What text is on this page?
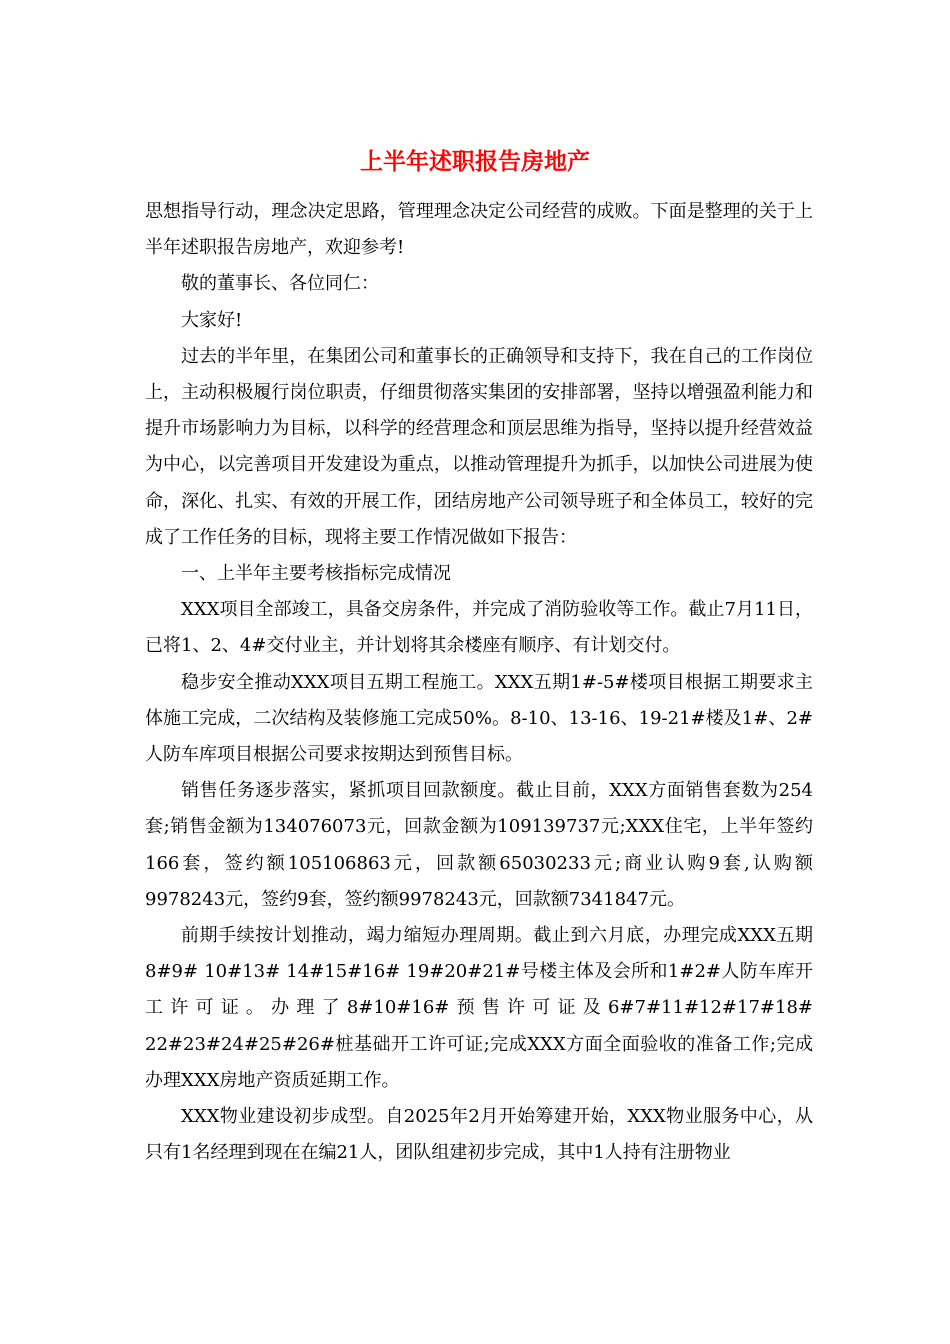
上半年述职报告房地产

思想指导行动，理念决定思路，管理理念决定公司经营的成败。下面是整理的关于上半年述职报告房地产，欢迎参考!

敬的董事长、各位同仁：

大家好!

过去的半年里，在集团公司和董事长的正确领导和支持下，我在自己的工作岗位上，主动积极履行岗位职责，仔细贯彻落实集团的安排部署，坚持以增强盈利能力和提升市场影响力为目标，以科学的经营理念和顶层思维为指导，坚持以提升经营效益为中心，以完善项目开发建设为重点，以推动管理提升为抓手，以加快公司进展为使命，深化、扎实、有效的开展工作，团结房地产公司领导班子和全体员工，较好的完成了工作任务的目标，现将主要工作情况做如下报告：

一、上半年主要考核指标完成情况

XXX项目全部竣工，具备交房条件，并完成了消防验收等工作。截止7月11日，已将1、2、4#交付业主，并计划将其余楼座有顺序、有计划交付。

稳步安全推动XXX项目五期工程施工。XXX五期1#-5#楼项目根据工期要求主体施工完成，二次结构及装修施工完成50%。8-10、13-16、19-21#楼及1#、2#人防车库项目根据公司要求按期达到预售目标。

销售任务逐步落实，紧抓项目回款额度。截止目前，XXX方面销售套数为254套;销售金额为134076073元，回款金额为109139737元;XXX住宅，上半年签约166套，签约额105106863元，回款额65030233元;商业认购9套,认购额9978243元，签约9套，签约额9978243元，回款额7341847元。

前期手续按计划推动，竭力缩短办理周期。截止到六月底，办理完成XXX五期8#9# 10#13# 14#15#16# 19#20#21#号楼主体及会所和1#2#人防车库开工许可证。办理了8#10#16#预售许可证及6#7#11#12#17#18# 22#23#24#25#26#桩基础开工许可证;完成XXX方面全面验收的准备工作;完成办理XXX房地产资质延期工作。

XXX物业建设初步成型。自2025年2月开始筹建开始，XXX物业服务中心，从只有1名经理到现在在编21人，团队组建初步完成，其中1人持有注册物业
